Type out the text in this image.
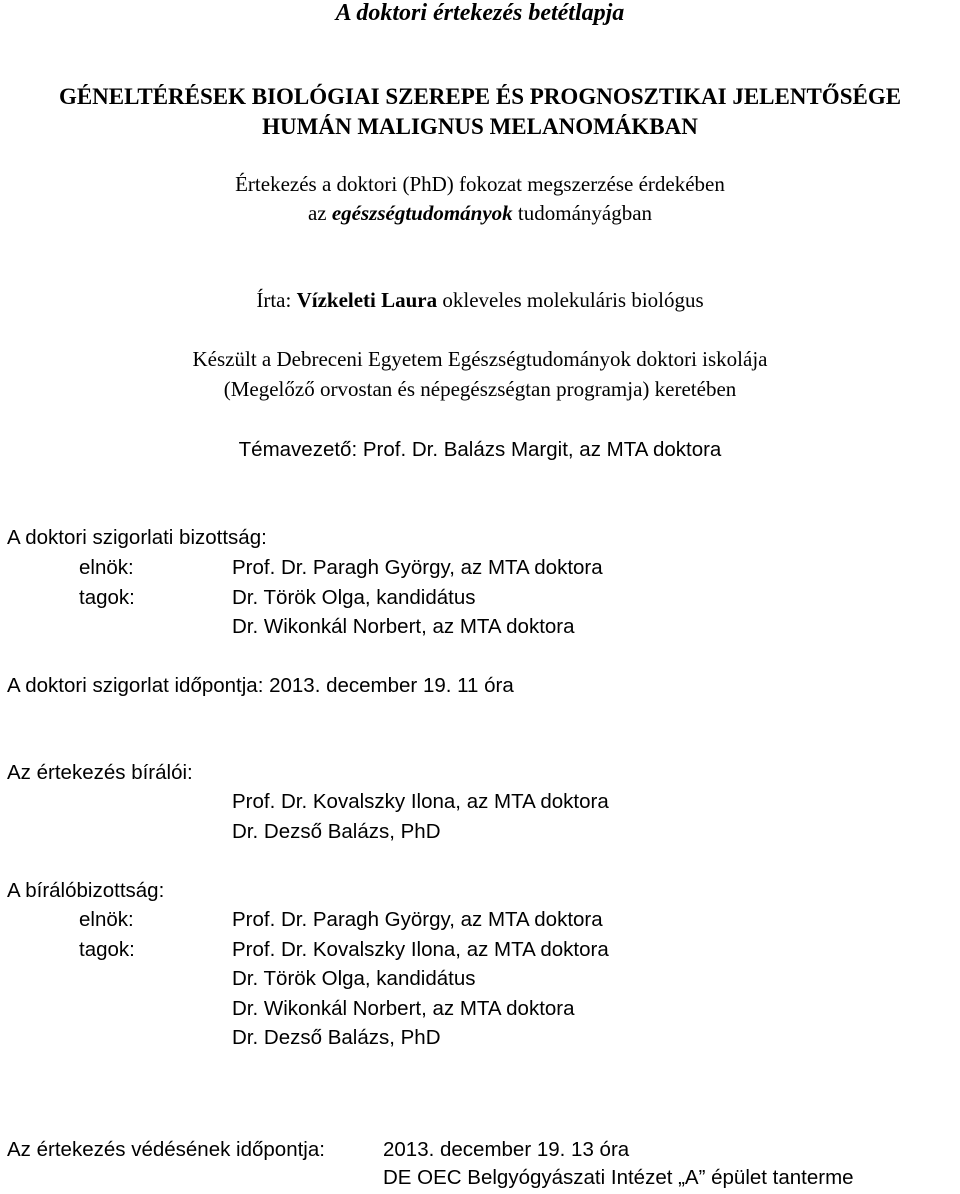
A doktori értekezés betétlapja
GÉNELTÉRÉSEK BIOLÓGIAI SZEREPE ÉS PROGNOSZTIKAI JELENTŐSÉGE
HUMÁN MALIGNUS MELANOMÁKBAN
Értekezés a doktori (PhD) fokozat megszerzése érdekében
az egészségtudományok tudományágban
Írta: Vízkeleti Laura okleveles molekuláris biológus
Készült a Debreceni Egyetem Egészségtudományok doktori iskolája
(Megelőző orvostan és népegészségtan programja) keretében
Témavezető: Prof. Dr. Balázs Margit, az MTA doktora
A doktori szigorlati bizottság:
elnök:	Prof. Dr. Paragh György, az MTA doktora
tagok:	Dr. Török Olga, kandidátus
Dr. Wikonkál Norbert, az MTA doktora
A doktori szigorlat időpontja: 2013. december 19. 11 óra
Az értekezés bírálói:
Prof. Dr. Kovalszky Ilona, az MTA doktora
Dr. Dezső Balázs, PhD
A bírálóbizottság:
elnök:	Prof. Dr. Paragh György, az MTA doktora
tagok:	Prof. Dr. Kovalszky Ilona, az MTA doktora
Dr. Török Olga, kandidátus
Dr. Wikonkál Norbert, az MTA doktora
Dr. Dezső Balázs, PhD
Az értekezés védésének időpontja:	2013. december 19. 13 óra
DE OEC Belgyógyászati Intézet „A” épület tanterme
